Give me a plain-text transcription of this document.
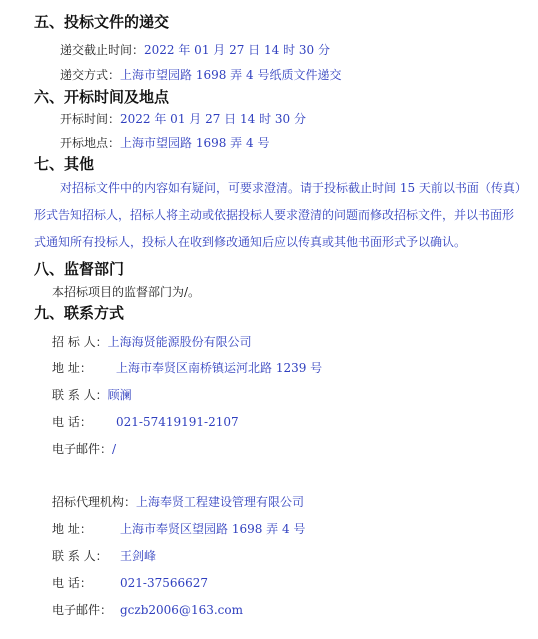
五、投标文件的递交
递交截止时间：2022 年 01 月 27 日 14 时 30 分
递交方式：上海市望园路 1698 弄 4 号纸质文件递交
六、开标时间及地点
开标时间：2022 年 01 月 27 日 14 时 30 分
开标地点：上海市望园路 1698 弄 4 号
七、其他
对招标文件中的内容如有疑问，可要求澄清。请于投标截止时间 15 天前以书面（传真）
形式告知招标人，招标人将主动或依据投标人要求澄清的问题而修改招标文件，并以书面形
式通知所有投标人，投标人在收到修改通知后应以传真或其他书面形式予以确认。
八、监督部门
本招标项目的监督部门为/。
九、联系方式
招 标 人：上海海贤能源股份有限公司
地 址： 上海市奉贤区南桥镇运河北路 1239 号
联 系 人：顾澜
电 话： 021-57419191-2107
电子邮件：/
招标代理机构：上海奉贤工程建设管理有限公司
地 址： 上海市奉贤区望园路 1698 弄 4 号
联 系 人： 王剑峰
电 话： 021-37566627
电子邮件： gczb2006@163.com
